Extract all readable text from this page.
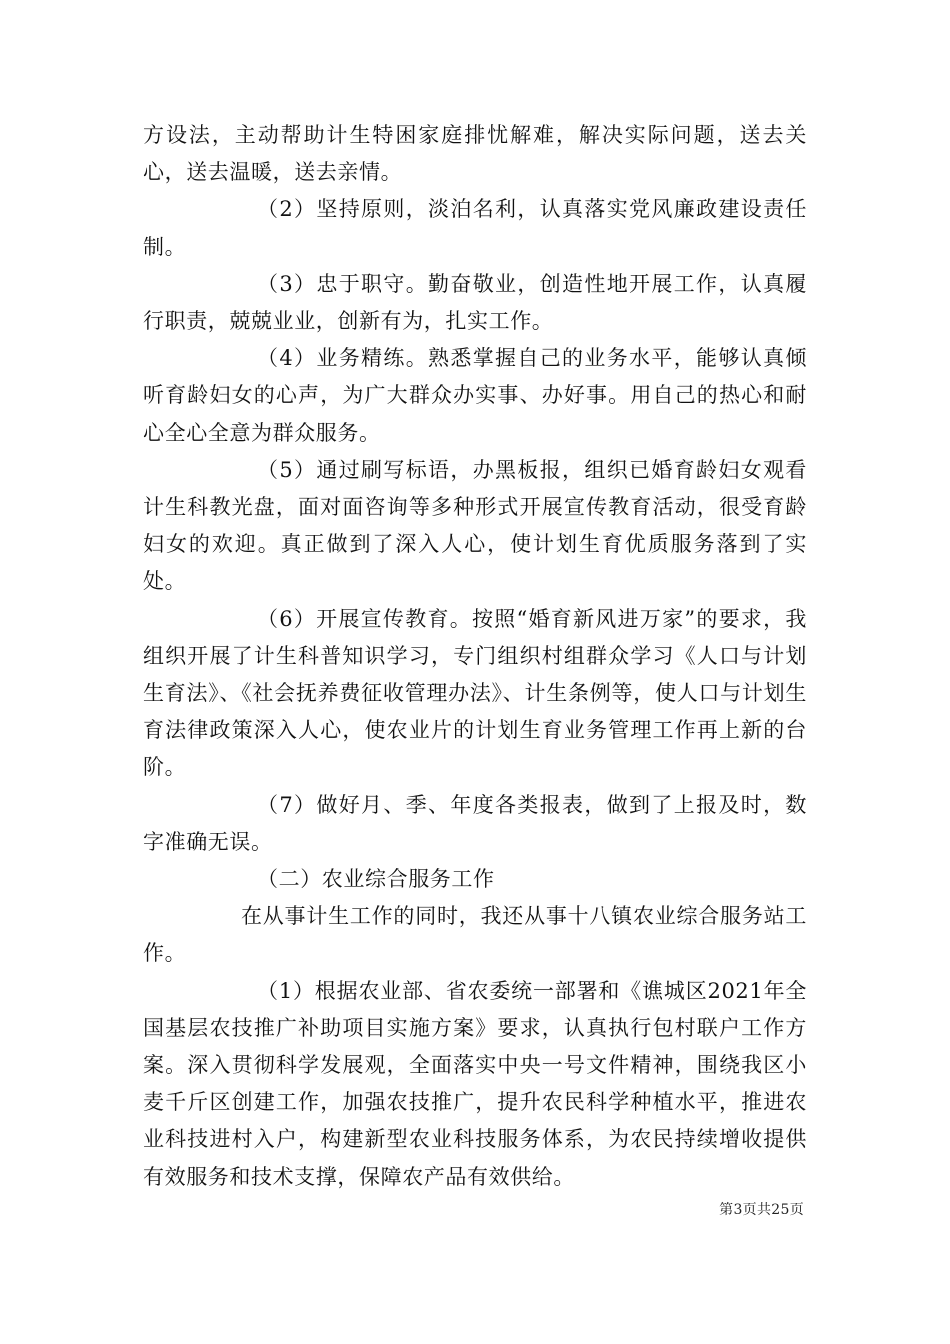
方设法，主动帮助计生特困家庭排忧解难，解决实际问题，送去关心，送去温暖，送去亲情。

（2）坚持原则，淡泊名利，认真落实党风廉政建设责任制。

（3）忠于职守。勤奋敬业，创造性地开展工作，认真履行职责，兢兢业业，创新有为，扎实工作。

（4）业务精练。熟悉掌握自己的业务水平，能够认真倾听育龄妇女的心声，为广大群众办实事、办好事。用自己的热心和耐心全心全意为群众服务。

（5）通过刷写标语，办黑板报，组织已婚育龄妇女观看计生科教光盘，面对面咨询等多种形式开展宣传教育活动，很受育龄妇女的欢迎。真正做到了深入人心，使计划生育优质服务落到了实处。

（6）开展宣传教育。按照“婚育新风进万家”的要求，我组织开展了计生科普知识学习，专门组织村组群众学习《人口与计划生育法》、《社会抚养费征收管理办法》、计生条例等，使人口与计划生育法律政策深入人心，使农业片的计划生育业务管理工作再上新的台阶。

（7）做好月、季、年度各类报表，做到了上报及时，数字准确无误。

（二）农业综合服务工作

在从事计生工作的同时，我还从事十八镇农业综合服务站工作。

（1）根据农业部、省农委统一部署和《谯城区2021年全国基层农技推广补助项目实施方案》要求，认真执行包村联户工作方案。深入贯彻科学发展观，全面落实中央一号文件精神，围绕我区小麦千斤区创建工作，加强农技推广，提升农民科学种植水平，推进农业科技进村入户，构建新型农业科技服务体系，为农民持续增收提供有效服务和技术支撑，保障农产品有效供给。

第3页共25页
